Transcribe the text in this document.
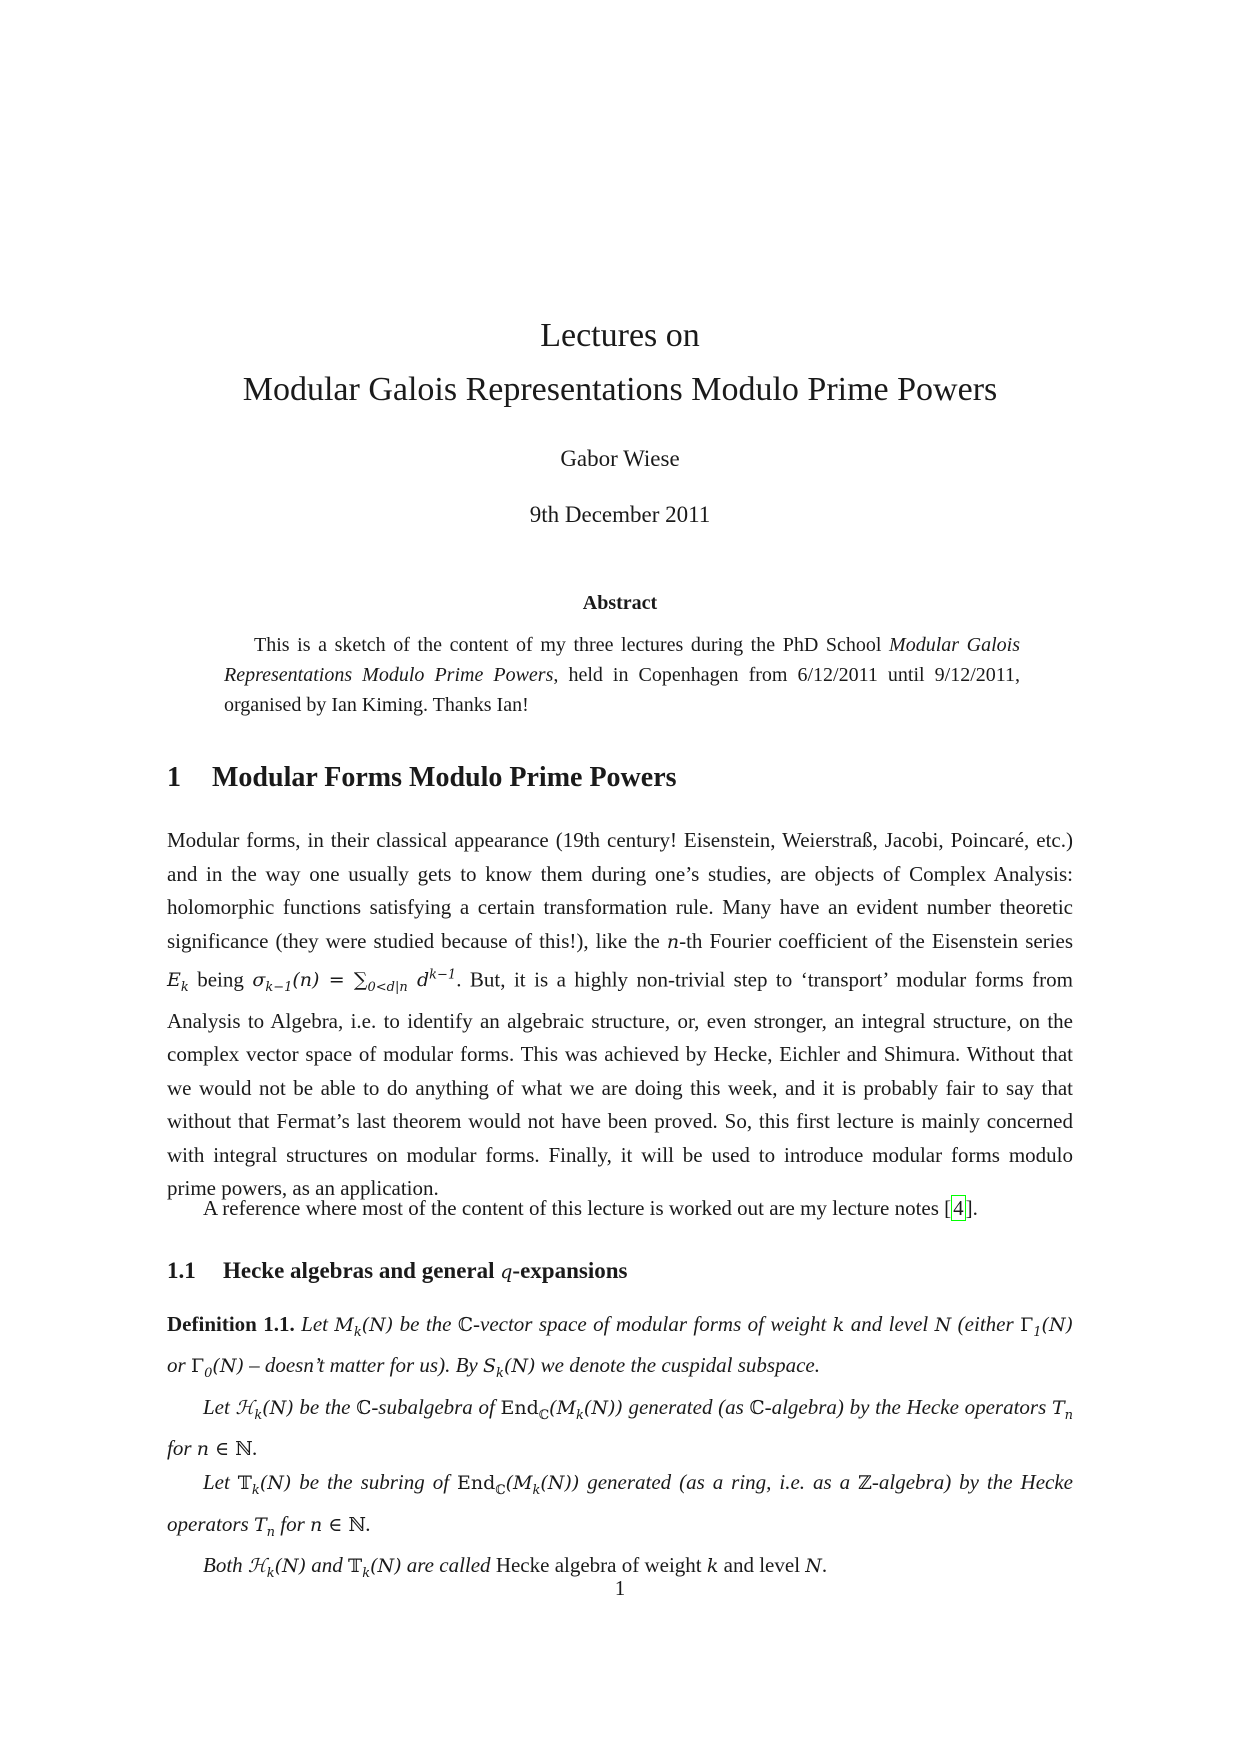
Lectures on
Modular Galois Representations Modulo Prime Powers
Gabor Wiese
9th December 2011
Abstract
This is a sketch of the content of my three lectures during the PhD School Modular Galois Representations Modulo Prime Powers, held in Copenhagen from 6/12/2011 until 9/12/2011, organised by Ian Kiming. Thanks Ian!
1 Modular Forms Modulo Prime Powers
Modular forms, in their classical appearance (19th century! Eisenstein, Weierstraß, Jacobi, Poincaré, etc.) and in the way one usually gets to know them during one’s studies, are objects of Complex Analysis: holomorphic functions satisfying a certain transformation rule. Many have an evident number theoretic significance (they were studied because of this!), like the n-th Fourier coefficient of the Eisenstein series $E_k$ being $\sigma_{k-1}(n) = \sum_{0<d|n}$ $d^{k-1}$. But, it is a highly non-trivial step to ‘transport’ modular forms from Analysis to Algebra, i.e. to identify an algebraic structure, or, even stronger, an integral structure, on the complex vector space of modular forms. This was achieved by Hecke, Eichler and Shimura. Without that we would not be able to do anything of what we are doing this week, and it is probably fair to say that without that Fermat’s last theorem would not have been proved. So, this first lecture is mainly concerned with integral structures on modular forms. Finally, it will be used to introduce modular forms modulo prime powers, as an application.
A reference where most of the content of this lecture is worked out are my lecture notes [4].
1.1 Hecke algebras and general q-expansions
Definition 1.1. Let $M_k(N)$ be the ℂ-vector space of modular forms of weight k and level N (either $\Gamma_1(N)$ or $\Gamma_0(N)$ – doesn’t matter for us). By $S_k(N)$ we denote the cuspidal subspace.
Let ℋ$_k$(N) be the ℂ-subalgebra of $End_ℂ(M_k(N))$ generated (as ℂ-algebra) by the Hecke operators $T_n$ for n ∈ ℕ.
Let 𝕋$_k$(N) be the subring of $End_ℂ(M_k(N))$ generated (as a ring, i.e. as a ℤ-algebra) by the Hecke operators $T_n$ for n ∈ ℕ.
Both ℋ$_k$(N) and 𝕋$_k$(N) are called Hecke algebra of weight k and level N.
1
